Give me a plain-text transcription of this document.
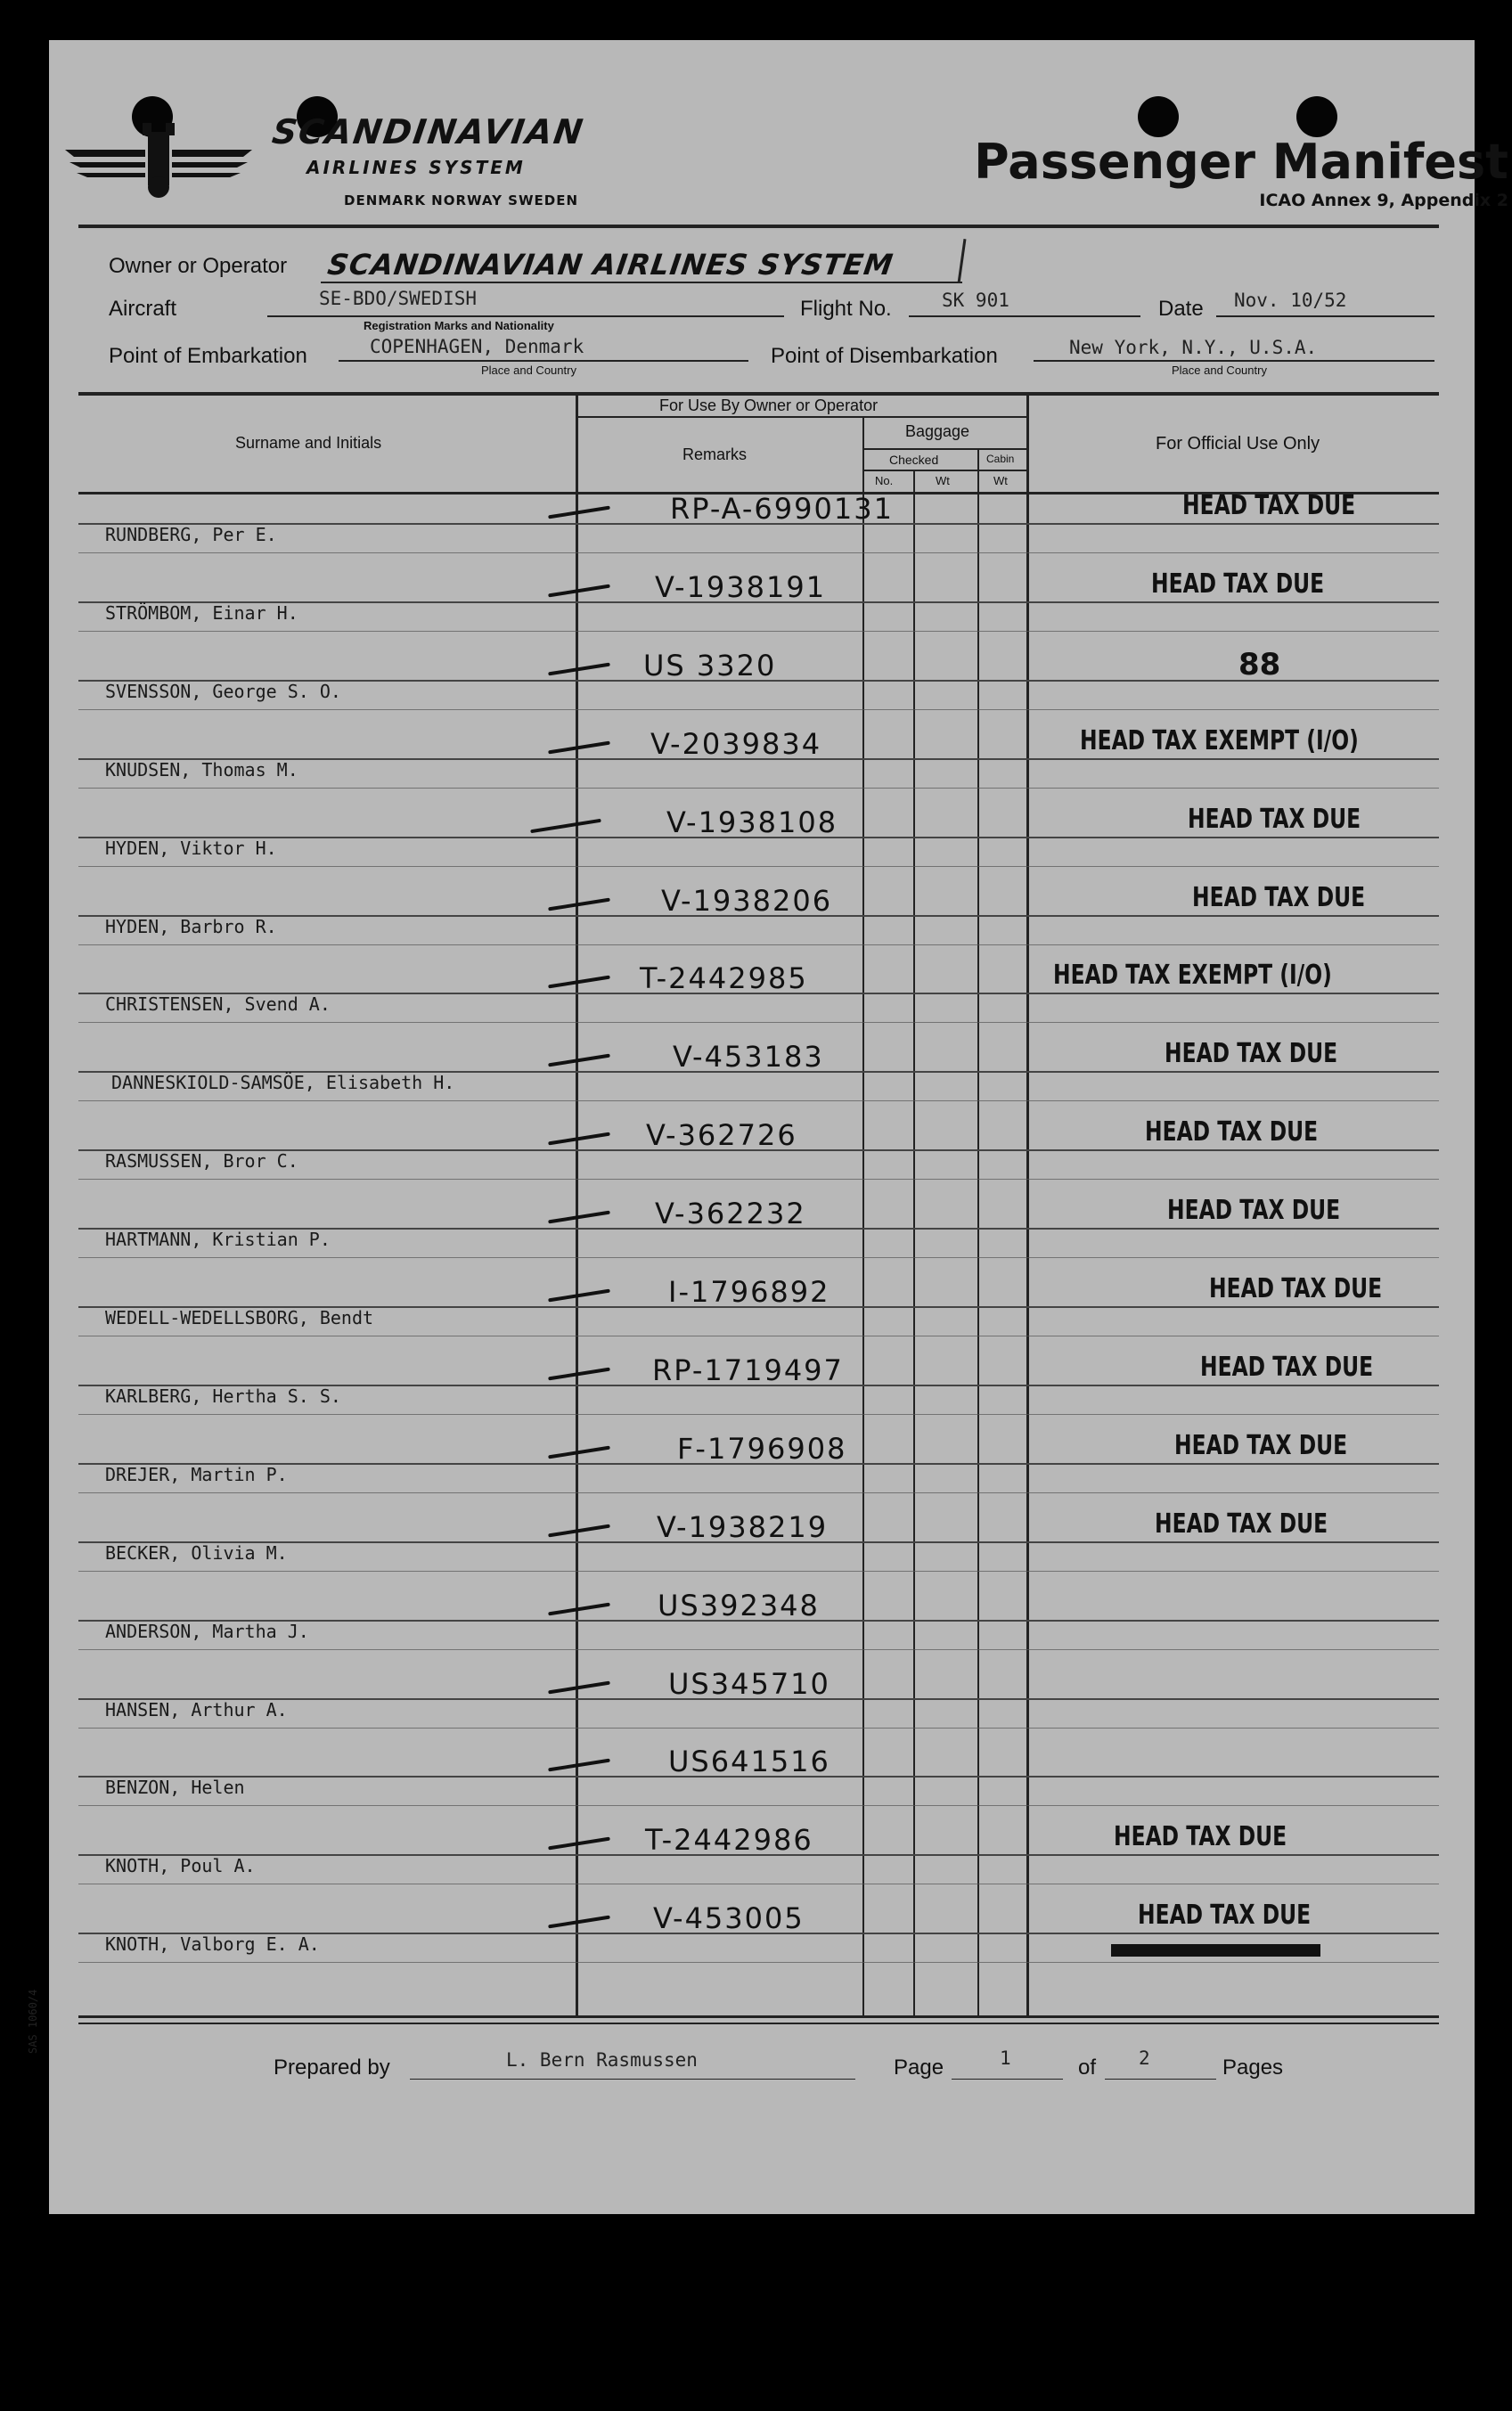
SCANDINAVIAN
AIRLINES SYSTEM
DENMARK NORWAY SWEDEN
Passenger Manifest
ICAO Annex 9, Appendix 2
Owner or Operator SCANDINAVIAN AIRLINES SYSTEM
Aircraft	SE-BDO/SWEDISH
Registration Marks and Nationality
Flight No.	SK 901	Date Nov. 10/52
Point of Embarkation	COPENHAGEN, Denmark
Place and Country
Point of Disembarkation	New York, N.Y., U.S.A.
Place and Country
Surname and Initials
For Use By Owner or Operator
Remarks
Baggage
Checked	Cabin
No.	Wt	Wt
For Official Use Only
RUNDBERG, Per E.
RP-A-6990131	HEAD TAX DUE
STRÖMBOM, Einar H.
V-1938191	HEAD TAX DUE
SVENSSON, George S. O.
US 3320	88
KNUDSEN, Thomas M.
V-2039834	HEAD TAX EXEMPT (I/O)
HYDEN, Viktor H.
V-1938108	HEAD TAX DUE
HYDEN, Barbro R.
V-1938206	HEAD TAX DUE
CHRISTENSEN, Svend A.
T-2442985	HEAD TAX EXEMPT (I/O)
DANNESKIOLD-SAMSÖE, Elisabeth H.
V-453183	HEAD TAX DUE
RASMUSSEN, Bror C.
V-362726	HEAD TAX DUE
HARTMANN, Kristian P.
V-362232	HEAD TAX DUE
WEDELL-WEDELLSBORG, Bendt
I-1796892	HEAD TAX DUE
KARLBERG, Hertha S. S.
RP-1719497	HEAD TAX DUE
DREJER, Martin P.
F-1796908	HEAD TAX DUE
BECKER, Olivia M.
V-1938219	HEAD TAX DUE
ANDERSON, Martha J.
US392348
HANSEN, Arthur A.
US345710
BENZON, Helen
US641516
KNOTH, Poul A.
T-2442986	HEAD TAX DUE
KNOTH, Valborg E. A.
V-453005	HEAD TAX DUE
Prepared by	L. Bern Rasmussen	Page	1	of 2	Pages
SAS 1060/4
